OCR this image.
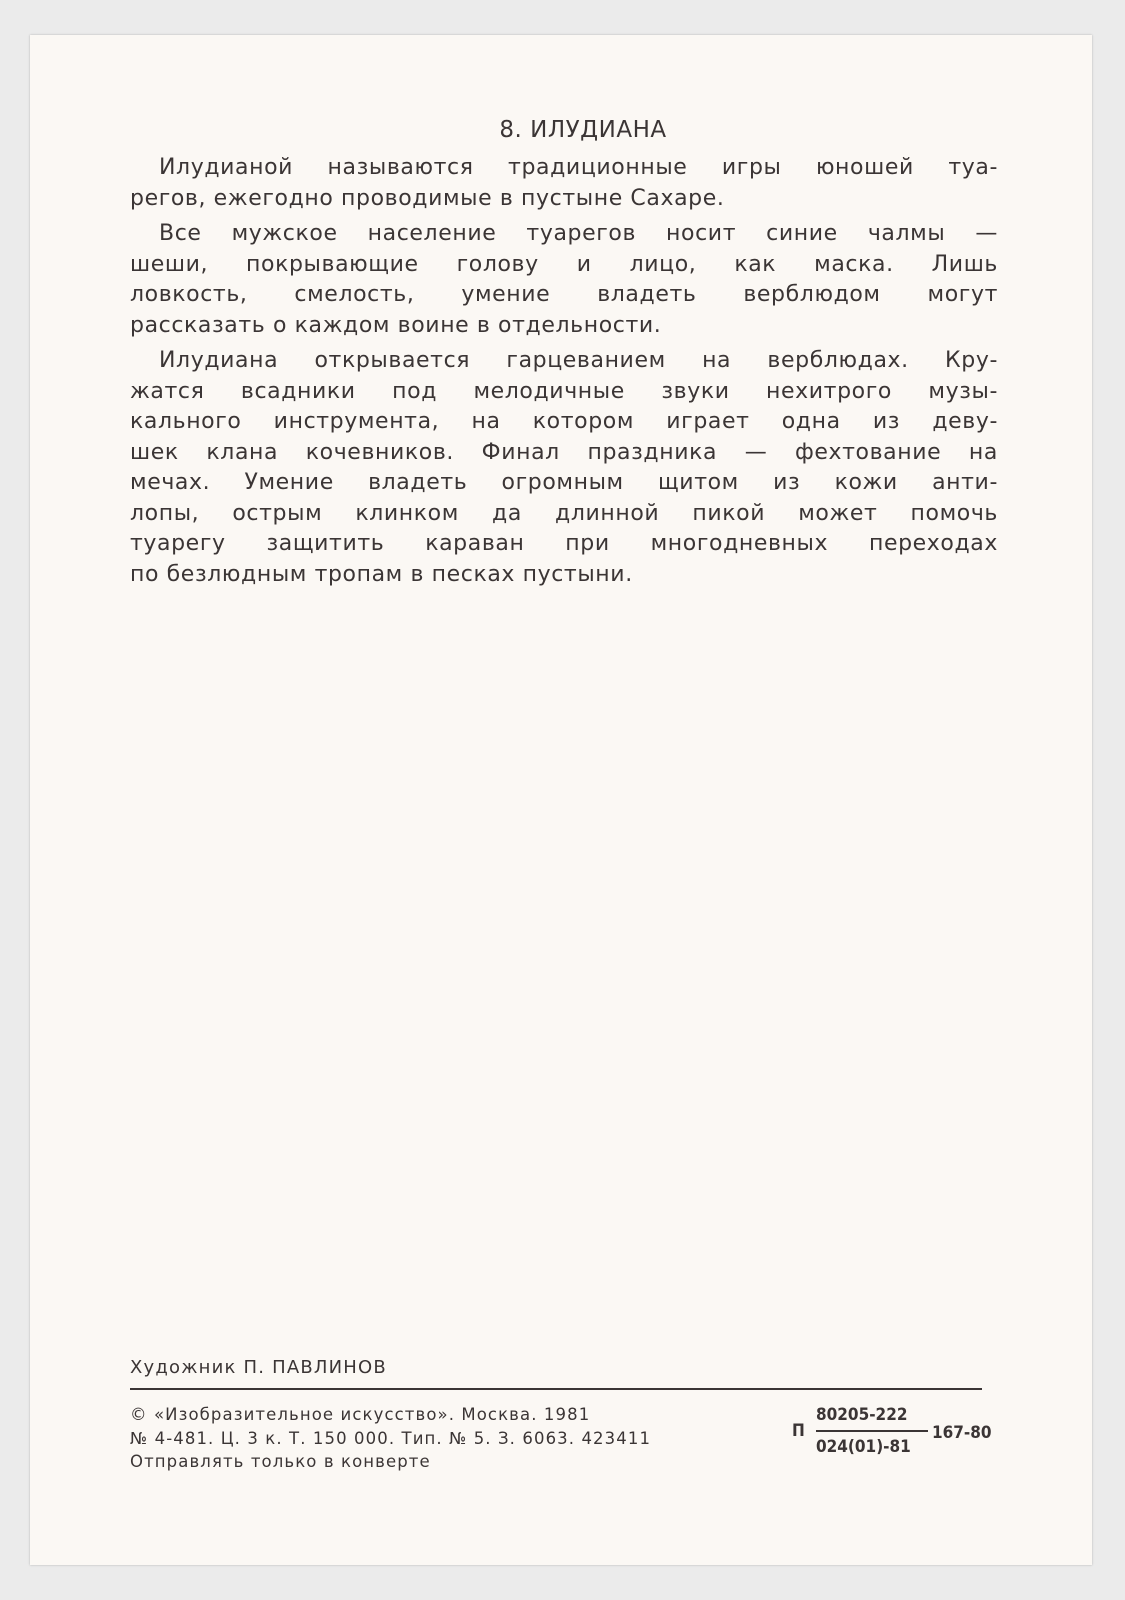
8. ИЛУДИАНА
Илудианой называются традиционные игры юношей туа-
регов, ежегодно проводимые в пустыне Сахаре.
Все мужское население туарегов носит синие чалмы —
шеши, покрывающие голову и лицо, как маска. Лишь
ловкость, смелость, умение владеть верблюдом могут
рассказать о каждом воине в отдельности.
Илудиана открывается гарцеванием на верблюдах. Кру-
жатся всадники под мелодичные звуки нехитрого музы-
кального инструмента, на котором играет одна из деву-
шек клана кочевников. Финал праздника — фехтование на
мечах. Умение владеть огромным щитом из кожи анти-
лопы, острым клинком да длинной пикой может помочь
туарегу защитить караван при многодневных переходах
по безлюдным тропам в песках пустыни.
Художник П. ПАВЛИНОВ
© «Изобразительное искусство». Москва. 1981
№ 4-481. Ц. 3 к. Т. 150 000. Тип. № 5. З. 6063. 423411
Отправлять только в конверте
П
80205-222
024(01)-81
167-80
